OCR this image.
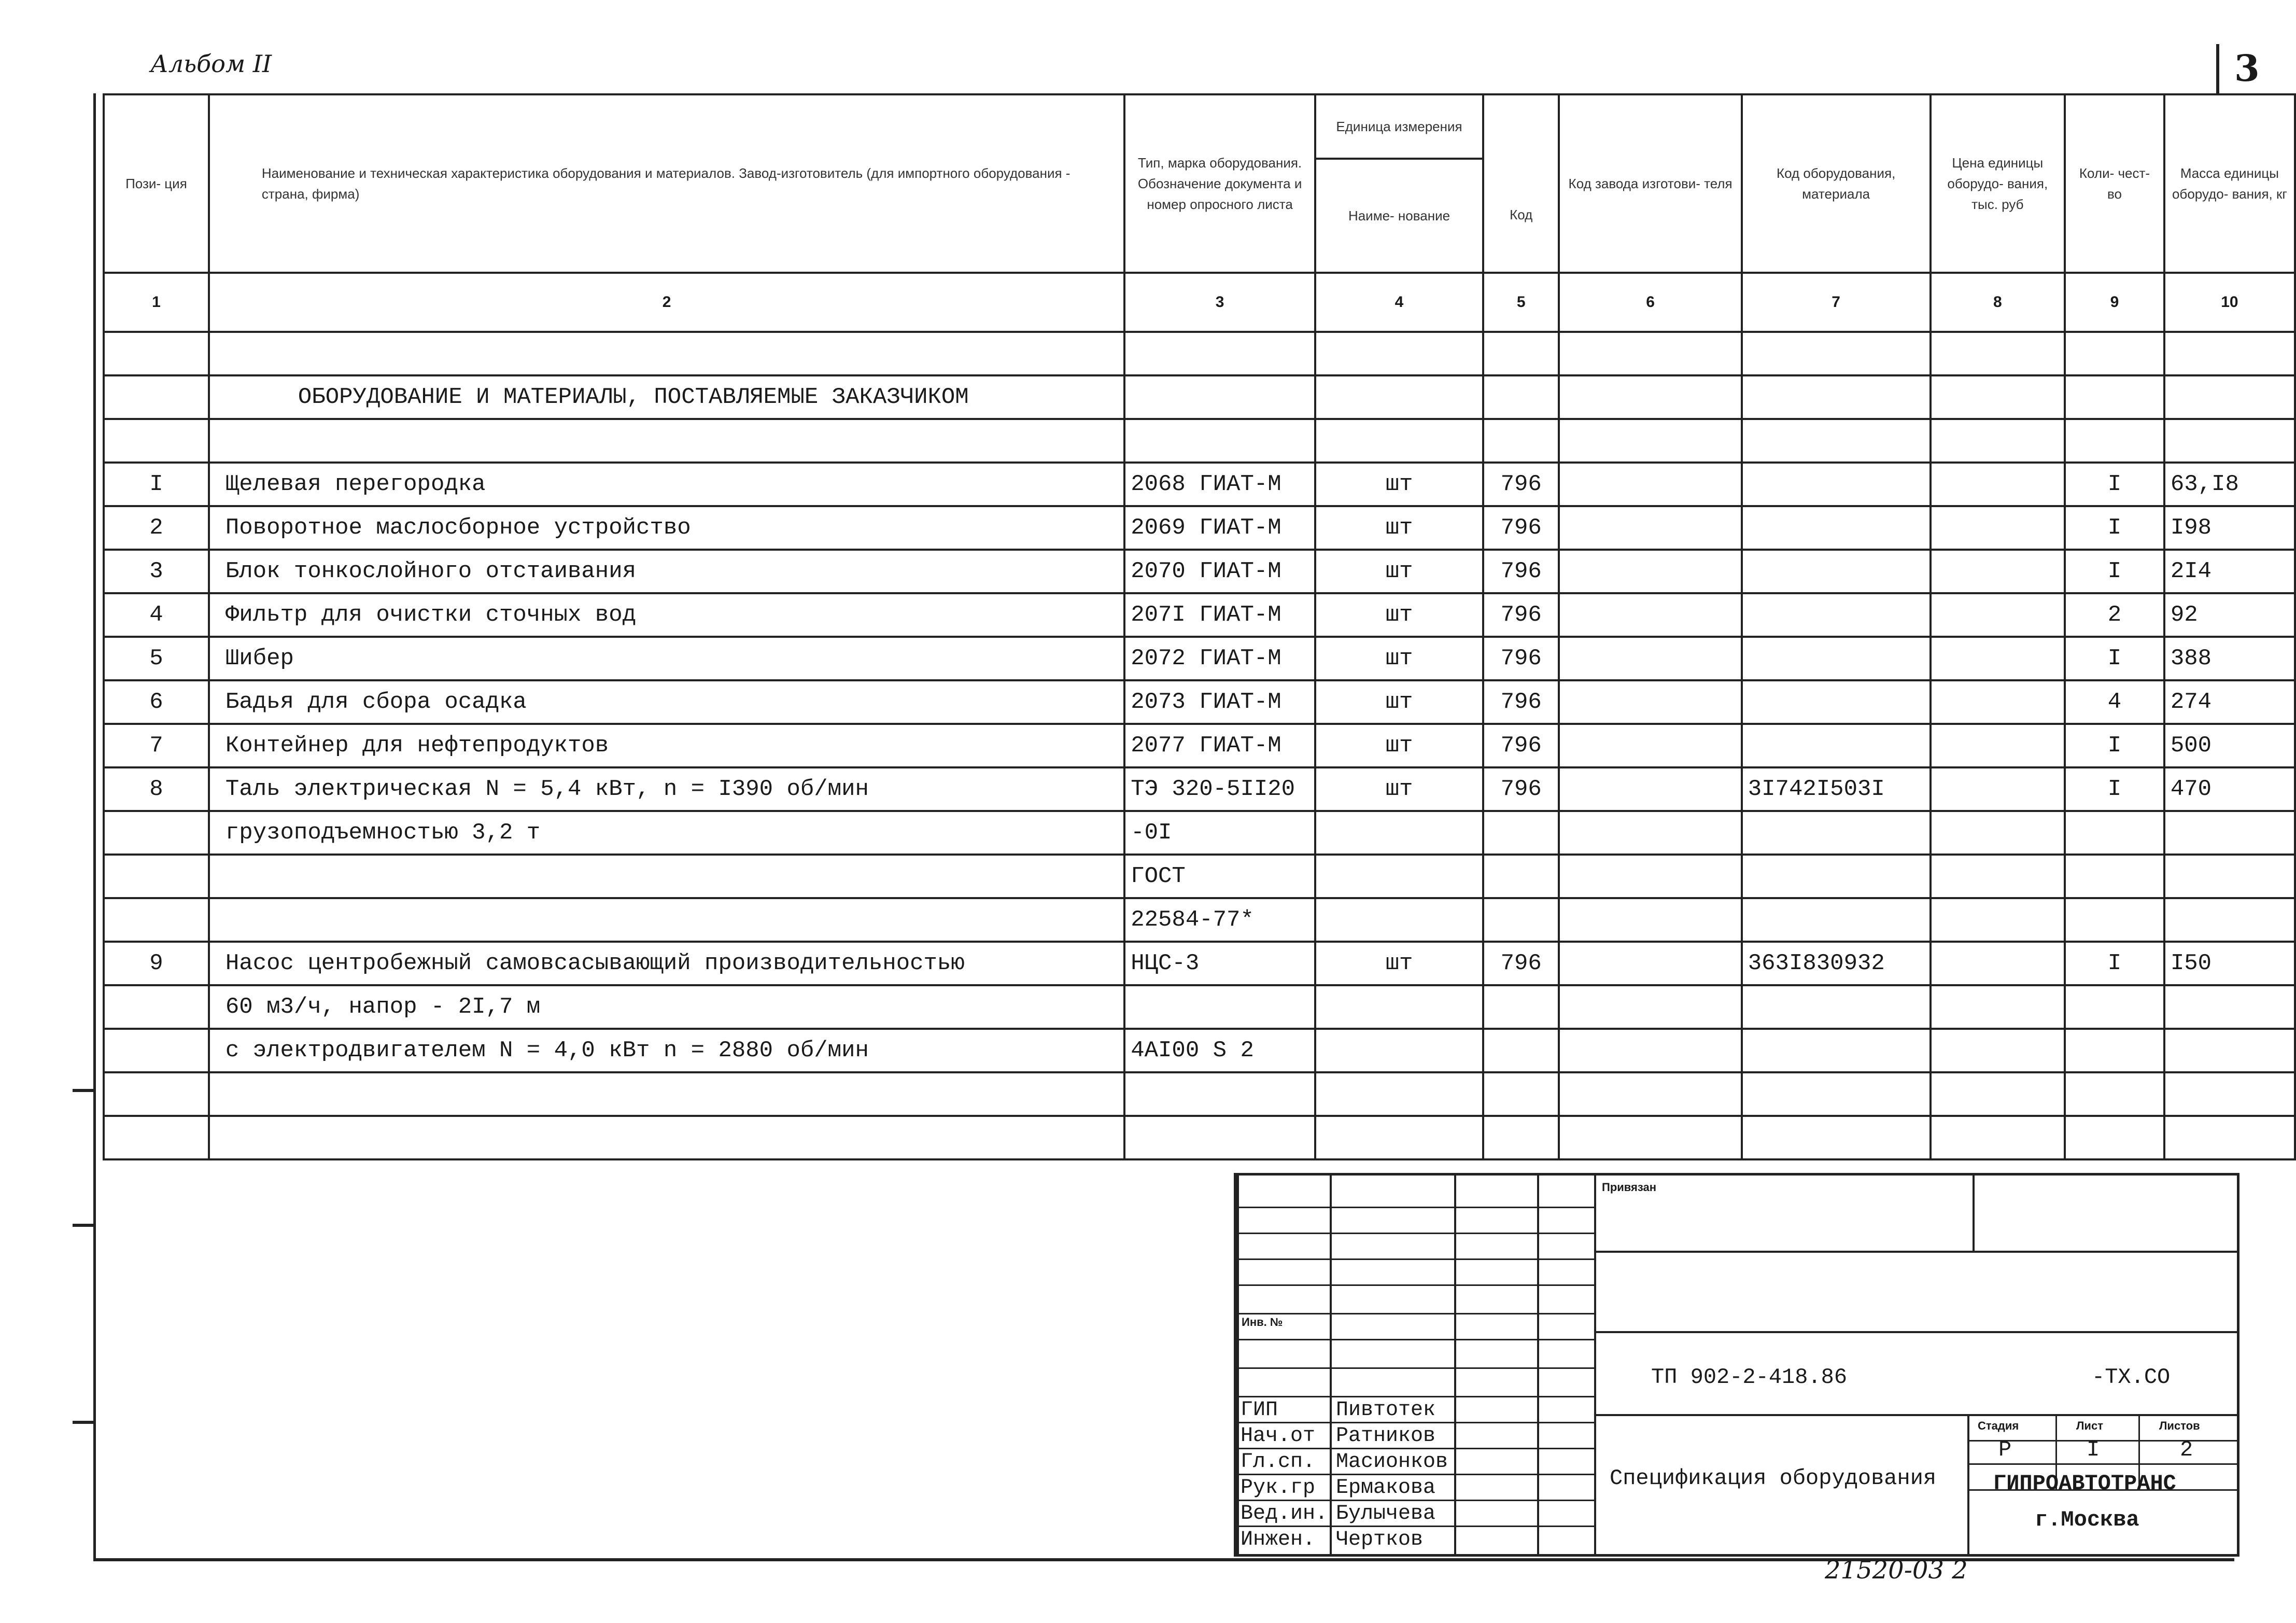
Альбом II	3
Пози- ция	Наименование и техническая характеристика оборудования и материалов. Завод-изготовитель (для импортного оборудования - страна, фирма)	Тип, марка оборудования. Обозначение документа и номер опросного листа	Единица измерения
Наиме- нование	Код	Код завода изготови- теля	Код оборудования, материала	Цена единицы оборудо- вания, тыс. руб	Коли- чест- во	Масса единицы оборудо- вания, кг
1	2	3	4	5	6	7	8	9	10

	ОБОРУДОВАНИЕ И МАТЕРИАЛЫ, ПОСТАВЛЯЕМЫЕ ЗАКАЗЧИКОМ								

I	Щелевая перегородка	2068 ГИАТ-М	шт	796				I	63,I8
2	Поворотное маслосборное устройство	2069 ГИАТ-М	шт	796				I	I98
3	Блок тонкослойного отстаивания	2070 ГИАТ-М	шт	796				I	2I4
4	Фильтр для очистки сточных вод	207I ГИАТ-М	шт	796				2	92
5	Шибер	2072 ГИАТ-М	шт	796				I	388
6	Бадья для сбора осадка	2073 ГИАТ-М	шт	796				4	274
7	Контейнер для нефтепродуктов	2077 ГИАТ-М	шт	796				I	500
8	Таль электрическая N = 5,4 кВт, n = I390 об/мин	ТЭ 320-5II20	шт	796		3I742I503I		I	470
	грузоподъемностью 3,2 т	-0I							
		ГОСТ							
		22584-77*							
9	Насос центробежный самовсасывающий производительностью	НЦС-3	шт	796		363I830932		I	I50
	60 м3/ч, напор - 2I,7 м								
	с электродвигателем N = 4,0 кВт n = 2880 об/мин	4АI00 S 2							

Привязан
Инв. №
ТП 902-2-418.86	-ТХ.СО
Спецификация оборудования
Стадия	Лист	Листов
Р	I	2
ГИПРОАВТОТРАНС
г.Москва
ГИП	Пивтотек
Нач.от Ратников
Гл.сп. Масионков
Рук.гр Ермакова
Вед.ин. Булычева
Инжен. Чертков
21520-03 2
